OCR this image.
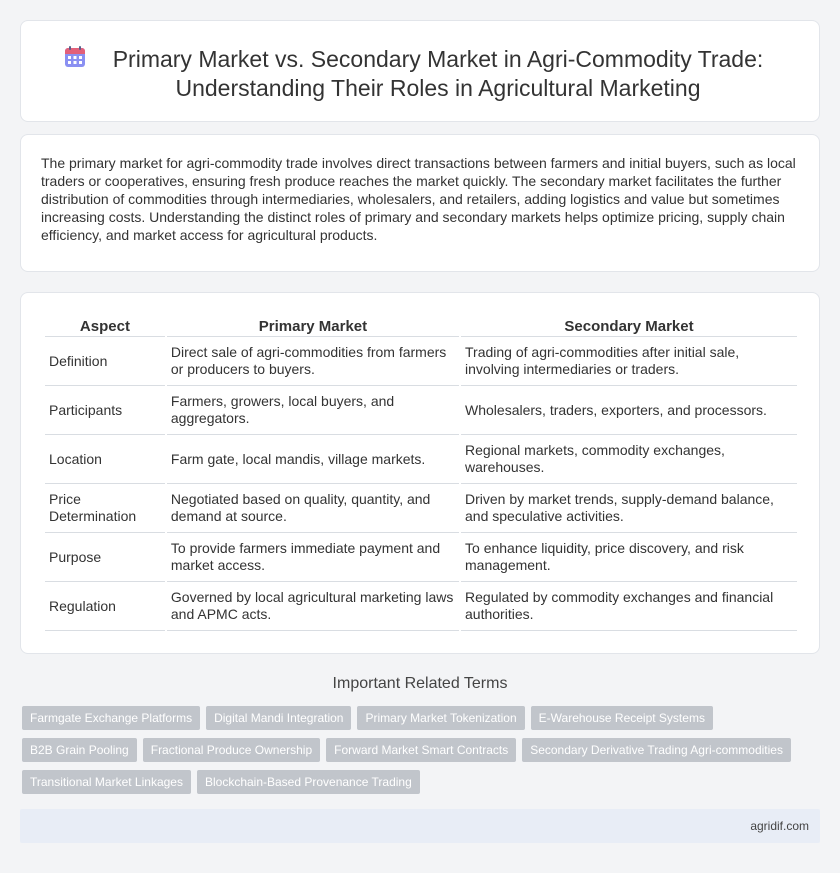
Primary Market vs. Secondary Market in Agri-Commodity Trade: Understanding Their Roles in Agricultural Marketing

The primary market for agri-commodity trade involves direct transactions between farmers and initial buyers, such as local traders or cooperatives, ensuring fresh produce reaches the market quickly. The secondary market facilitates the further distribution of commodities through intermediaries, wholesalers, and retailers, adding logistics and value but sometimes increasing costs. Understanding the distinct roles of primary and secondary markets helps optimize pricing, supply chain efficiency, and market access for agricultural products.

Aspect	Primary Market	Secondary Market
Definition	Direct sale of agri-commodities from farmers or producers to buyers.	Trading of agri-commodities after initial sale, involving intermediaries or traders.
Participants	Farmers, growers, local buyers, and aggregators.	Wholesalers, traders, exporters, and processors.
Location	Farm gate, local mandis, village markets.	Regional markets, commodity exchanges, warehouses.
Price Determination	Negotiated based on quality, quantity, and demand at source.	Driven by market trends, supply-demand balance, and speculative activities.
Purpose	To provide farmers immediate payment and market access.	To enhance liquidity, price discovery, and risk management.
Regulation	Governed by local agricultural marketing laws and APMC acts.	Regulated by commodity exchanges and financial authorities.
Important Related Terms
Farmgate Exchange Platforms	Digital Mandi Integration	Primary Market Tokenization	E-Warehouse Receipt Systems
B2B Grain Pooling	Fractional Produce Ownership	Forward Market Smart Contracts	Secondary Derivative Trading Agri-commodities
Transitional Market Linkages	Blockchain-Based Provenance Trading
agridif.com
